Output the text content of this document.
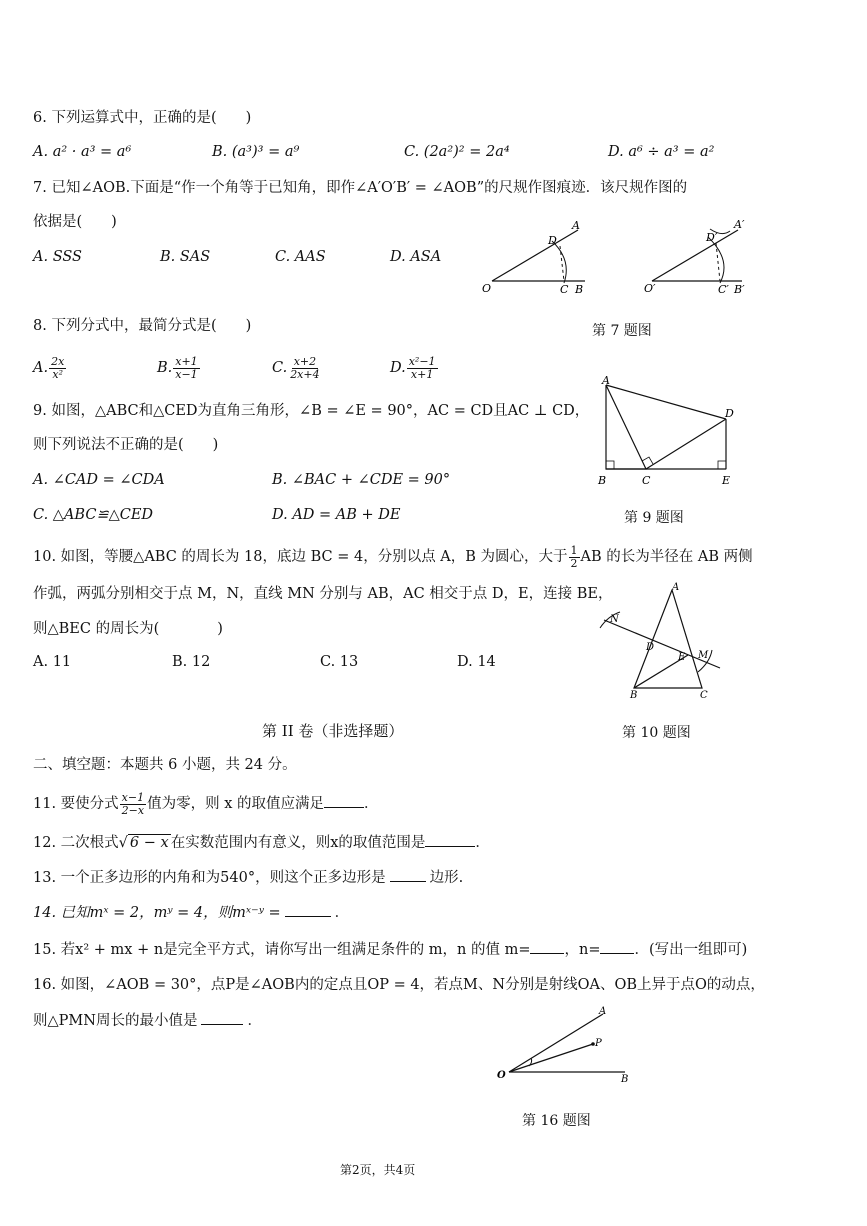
6. 下列运算式中，正确的是(　　)
A. a² · a³ = a⁶	B. (a³)³ = a⁹	C. (2a²)² = 2a⁴	D. a⁶ ÷ a³ = a²
7. 已知∠AOB.下面是“作一个角等于已知角，即作∠A′O′B′ = ∠AOB”的尺规作图痕迹．该尺规作图的
依据是(　　)
A. SSS	B. SAS	C. AAS	D. ASA
O
D
A
C B	O′
D′
A′
C′ B′
第 7 题图
8. 下列分式中，最简分式是(　　)
A. $\frac{2x}{\text{x²}}$	B. $\frac{x+1}{x-1}$	C. $\frac{x+2}{2x+4}$	D. $\frac{\text{x²−1}}{x+1}$
9. 如图，△ABC和△CED为直角三角形，∠B = ∠E = 90°，AC = CD且AC ⊥ CD，
则下列说法不正确的是(　　)
A. ∠CAD = ∠CDA	B. ∠BAC + ∠CDE = 90°
C. △ABC≌△CED	D. AD = AB + DE
A
D
B	C	E
第 9 题图
10. 如图，等腰△ABC 的周长为 18，底边 BC = 4，分别以点 A，B 为圆心，大于 $\frac{1}{2}$ AB 的长为半径在 AB 两侧
作弧，两弧分别相交于点 M，N，直线 MN 分别与 AB，AC 相交于点 D，E，连接 BE，
则△BEC 的周长为(　　　　)
A. 11	B. 12	C. 13	D. 14
A
N
D
E M
B	C
第 10 题图
第 II 卷（非选择题）
二、填空题：本题共 6 小题，共 24 分。
11. 要使分式 $\frac{x-1}{2-x}$ 值为零，则 x 的取值应满足	．
12. 二次根式√ 6 − x 在实数范围内有意义，则x的取值范围是	．
13. 一个正多边形的内角和为540°，则这个正多边形是	边形.
14. 已知mˣ = 2，mʸ = 4，则mˣ⁻ʸ =	．
15. 若x² + mx + n是完全平方式，请你写出一组满足条件的 m，n 的值 m= ，n= ．(写出一组即可)
16. 如图，∠AOB = 30°，点P是∠AOB内的定点且OP = 4，若点M、N分别是射线OA、OB上异于点O的动点，
则△PMN周长的最小值是	．
A
P
O	B
第 16 题图
第2页，共4页
